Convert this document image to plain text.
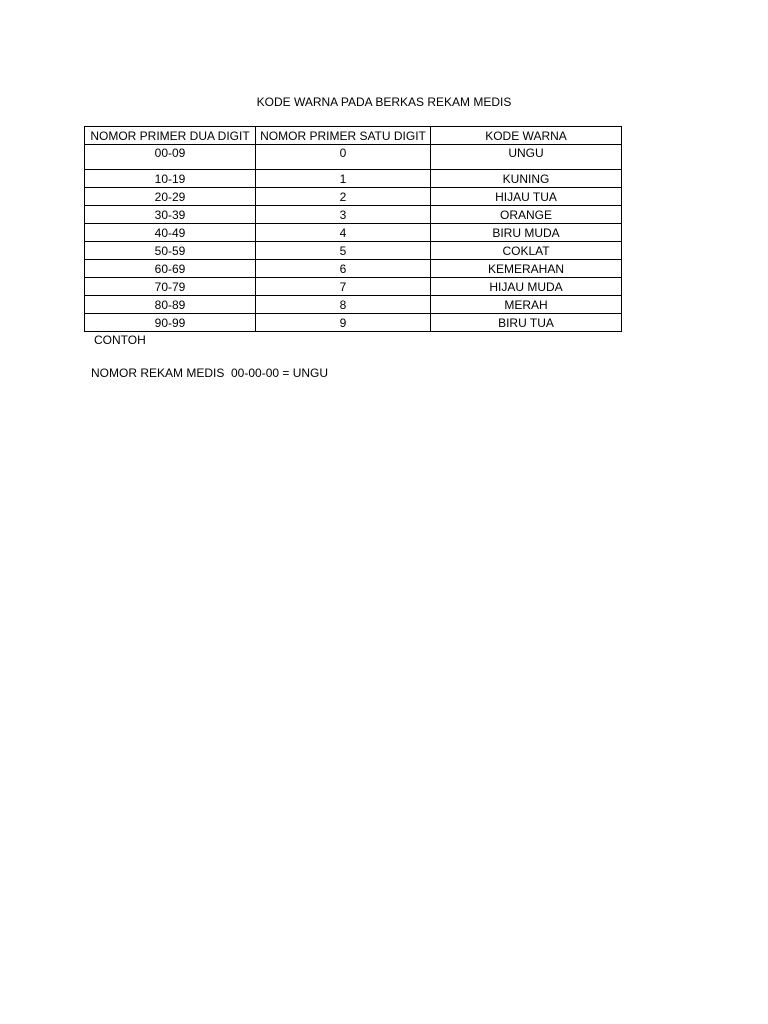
KODE WARNA PADA BERKAS REKAM MEDIS
NOMOR PRIMER DUA DIGIT	NOMOR PRIMER SATU DIGIT	KODE WARNA
00-09	0	UNGU
10-19	1	KUNING
20-29	2	HIJAU TUA
30-39	3	ORANGE
40-49	4	BIRU MUDA
50-59	5	COKLAT
60-69	6	KEMERAHAN
70-79	7	HIJAU MUDA
80-89	8	MERAH
90-99	9	BIRU TUA
CONTOH
NOMOR REKAM MEDIS  00-00-00 = UNGU
